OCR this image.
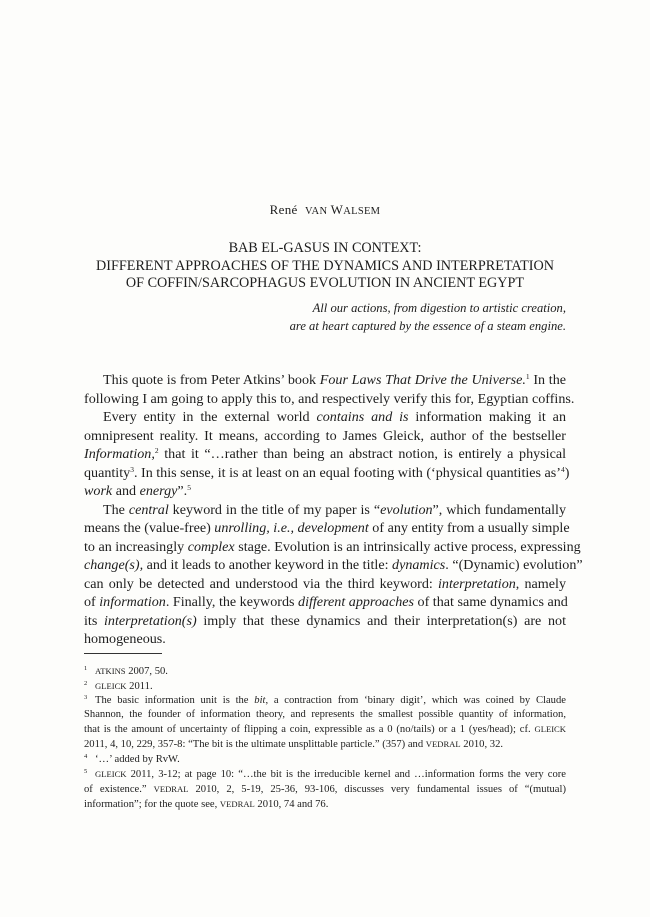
René VAN WALSEM
BAB EL-GASUS IN CONTEXT:
DIFFERENT APPROACHES OF THE DYNAMICS AND INTERPRETATION
OF COFFIN/SARCOPHAGUS EVOLUTION IN ANCIENT EGYPT
All our actions, from digestion to artistic creation,
are at heart captured by the essence of a steam engine.
This quote is from Peter Atkins’ book Four Laws That Drive the Universe.$^1$ In the
following I am going to apply this to, and respectively verify this for, Egyptian coffins.
Every entity in the external world contains and is information making it an
omnipresent reality. It means, according to James Gleick, author of the bestseller
Information,$^2$ that it “…rather than being an abstract notion, is entirely a physical
quantity$^3$. In this sense, it is at least on an equal footing with (‘physical quantities as’$^4$)
work and energy”.$^5$
The central keyword in the title of my paper is “evolution”, which fundamentally
means the (value-free) unrolling, i.e., development of any entity from a usually simple
to an increasingly complex stage. Evolution is an intrinsically active process, expressing
change(s), and it leads to another keyword in the title: dynamics. “(Dynamic) evolution”
can only be detected and understood via the third keyword: interpretation, namely
of information. Finally, the keywords different approaches of that same dynamics and
its interpretation(s) imply that these dynamics and their interpretation(s) are not
homogeneous.
$^1$ ATKINS 2007, 50.
$^2$ GLEICK 2011.
$^3$ The basic information unit is the bit, a contraction from ‘binary digit’, which was coined by Claude
Shannon, the founder of information theory, and represents the smallest possible quantity of information,
that is the amount of uncertainty of flipping a coin, expressible as a 0 (no/tails) or a 1 (yes/head); cf. GLEICK
2011, 4, 10, 229, 357-8: “The bit is the ultimate unsplittable particle.” (357) and VEDRAL 2010, 32.
$^4$ ‘…’ added by RvW.
$^5$ GLEICK 2011, 3-12; at page 10: “…the bit is the irreducible kernel and …information forms the very core
of existence.” VEDRAL 2010, 2, 5-19, 25-36, 93-106, discusses very fundamental issues of “(mutual)
information”; for the quote see, VEDRAL 2010, 74 and 76.
